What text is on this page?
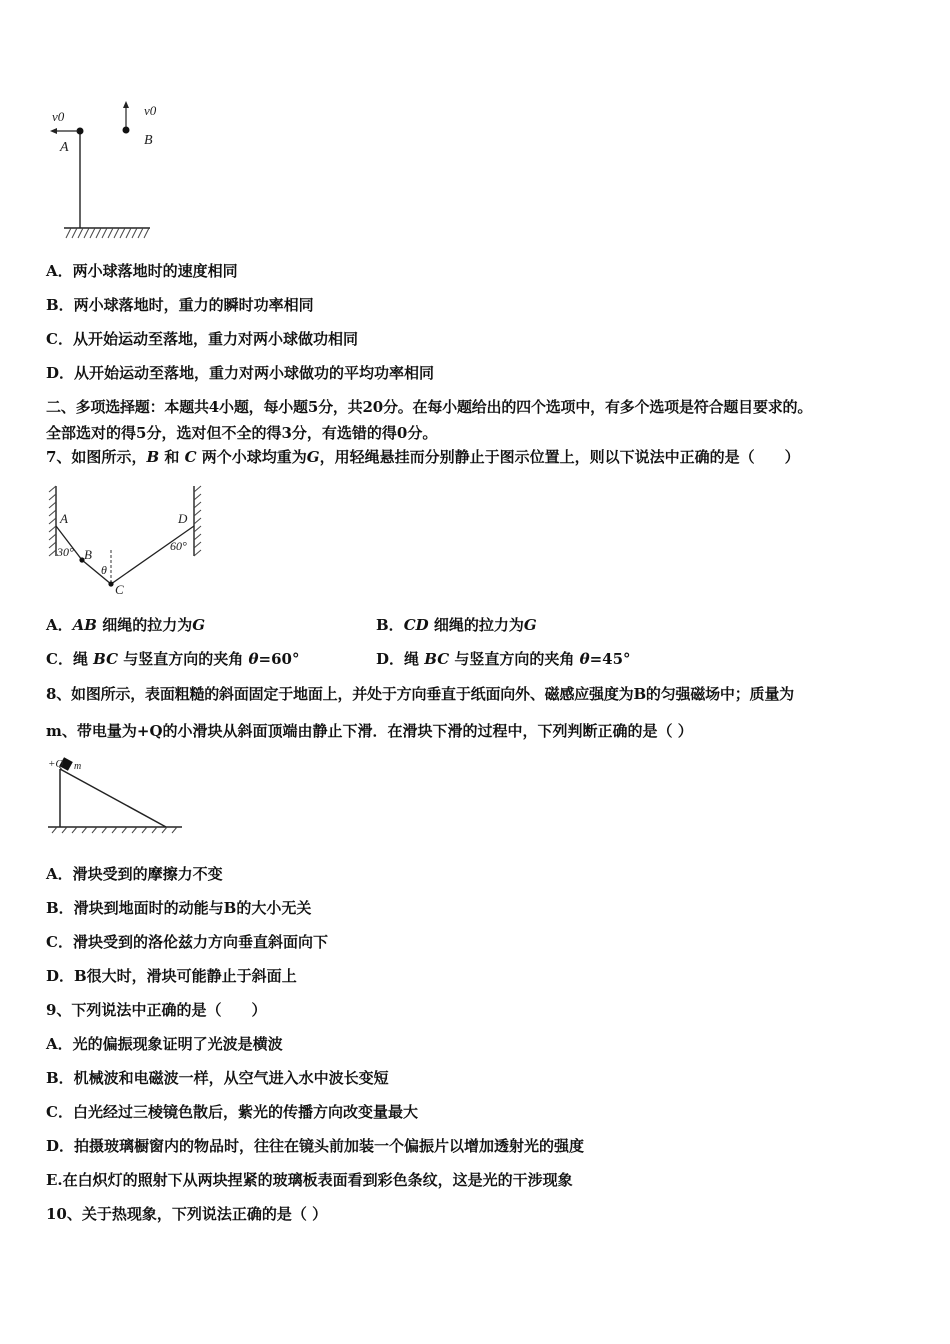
v0	v0
A	B
A．两小球落地时的速度相同
B．两小球落地时，重力的瞬时功率相同
C．从开始运动至落地，重力对两小球做功相同
D．从开始运动至落地，重力对两小球做功的平均功率相同
二、多项选择题：本题共4小题，每小题5分，共20分。在每小题给出的四个选项中，有多个选项是符合题目要求的。
全部选对的得5分，选对但不全的得3分，有选错的得0分。
7、如图所示，B 和 C 两个小球均重为G，用轻绳悬挂而分别静止于图示位置上，则以下说法中正确的是（　　）
A
B
C
D
30°	60°
θ
A．AB 细绳的拉力为G	B．CD 细绳的拉力为G
C．绳 BC 与竖直方向的夹角 θ=60°	D．绳 BC 与竖直方向的夹角 θ=45°
8、如图所示，表面粗糙的斜面固定于地面上，并处于方向垂直于纸面向外、磁感应强度为B的匀强磁场中；质量为
m、带电量为+Q的小滑块从斜面顶端由静止下滑．在滑块下滑的过程中，下列判断正确的是（ ）
+Q m
A．滑块受到的摩擦力不变
B．滑块到地面时的动能与B的大小无关
C．滑块受到的洛伦兹力方向垂直斜面向下
D．B很大时，滑块可能静止于斜面上
9、下列说法中正确的是（　　）
A．光的偏振现象证明了光波是横波
B．机械波和电磁波一样，从空气进入水中波长变短
C．白光经过三棱镜色散后，紫光的传播方向改变量最大
D．拍摄玻璃橱窗内的物品时，往往在镜头前加装一个偏振片以增加透射光的强度
E.在白炽灯的照射下从两块捏紧的玻璃板表面看到彩色条纹，这是光的干涉现象
10、关于热现象，下列说法正确的是（ ）
